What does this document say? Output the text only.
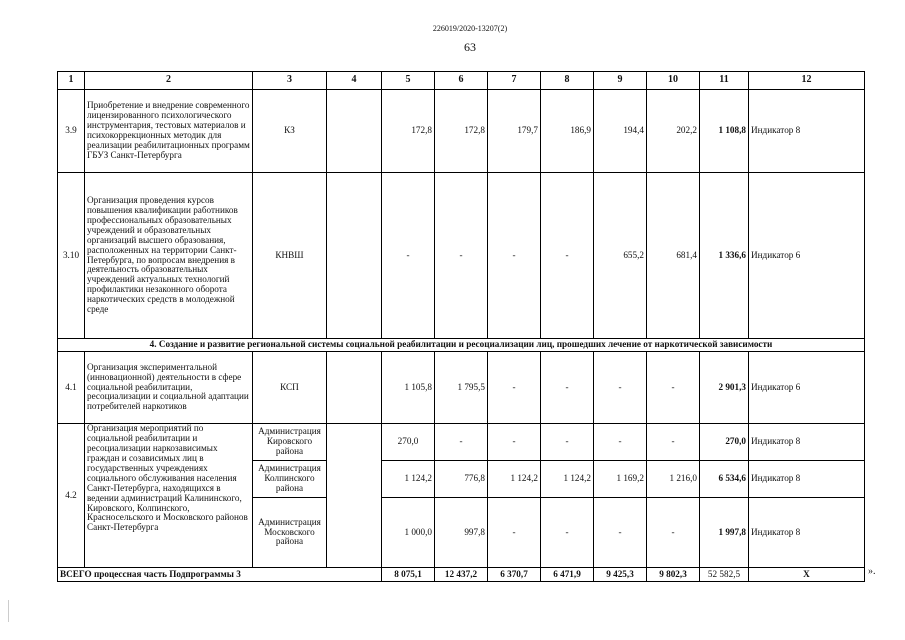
226019/2020-13207(2)
63
1	2	3	4	5	6	7	8	9	10	11	12
3.9	Приобретение и внедрение современного лицензированного психологического инструментария, тестовых материалов и психокоррекционных методик для реализации реабилитационных программ ГБУЗ Санкт-Петербурга	КЗ		172,8	172,8	179,7	186,9	194,4	202,2	1 108,8	Индикатор 8
3.10	Организация проведения курсов повышения квалификации работников профессиональных образовательных учреждений и образовательных организаций высшего образования, расположенных на территории Санкт-Петербурга, по вопросам внедрения в деятельность образовательных учреждений актуальных технологий профилактики незаконного оборота наркотических средств в молодежной среде	КНВШ		-	-	-	-	655,2	681,4	1 336,6	Индикатор 6
4. Создание и развитие региональной системы социальной реабилитации и ресоциализации лиц, прошедших лечение от наркотической зависимости											
4.1	Организация экспериментальной (инновационной) деятельности в сфере социальной реабилитации, ресоциализации и социальной адаптации потребителей наркотиков	КСП		1 105,8	1 795,5	-	-	-	-	2 901,3	Индикатор 6
4.2	Организация мероприятий по социальной реабилитации и ресоциализации наркозависимых граждан и созависимых лиц в государственных учреждениях социального обслуживания населения Санкт-Петербурга, находящихся в ведении администраций Калининского, Кировского, Колпинского, Красносельского и Московского районов Санкт-Петербурга	Администрация Кировского района		270,0	-	-	-	-	-	270,0	Индикатор 8
		Администрация Колпинского района		1 124,2	776,8	1 124,2	1 124,2	1 169,2	1 216,0	6 534,6	Индикатор 8
		Администрация Московского района		1 000,0	997,8	-	-	-	-	1 997,8	Индикатор 8
ВСЕГО процессная часть Подпрограммы 3				8 075,1	12 437,2	6 370,7	6 471,9	9 425,3	9 802,3	52 582,5	Х	».
